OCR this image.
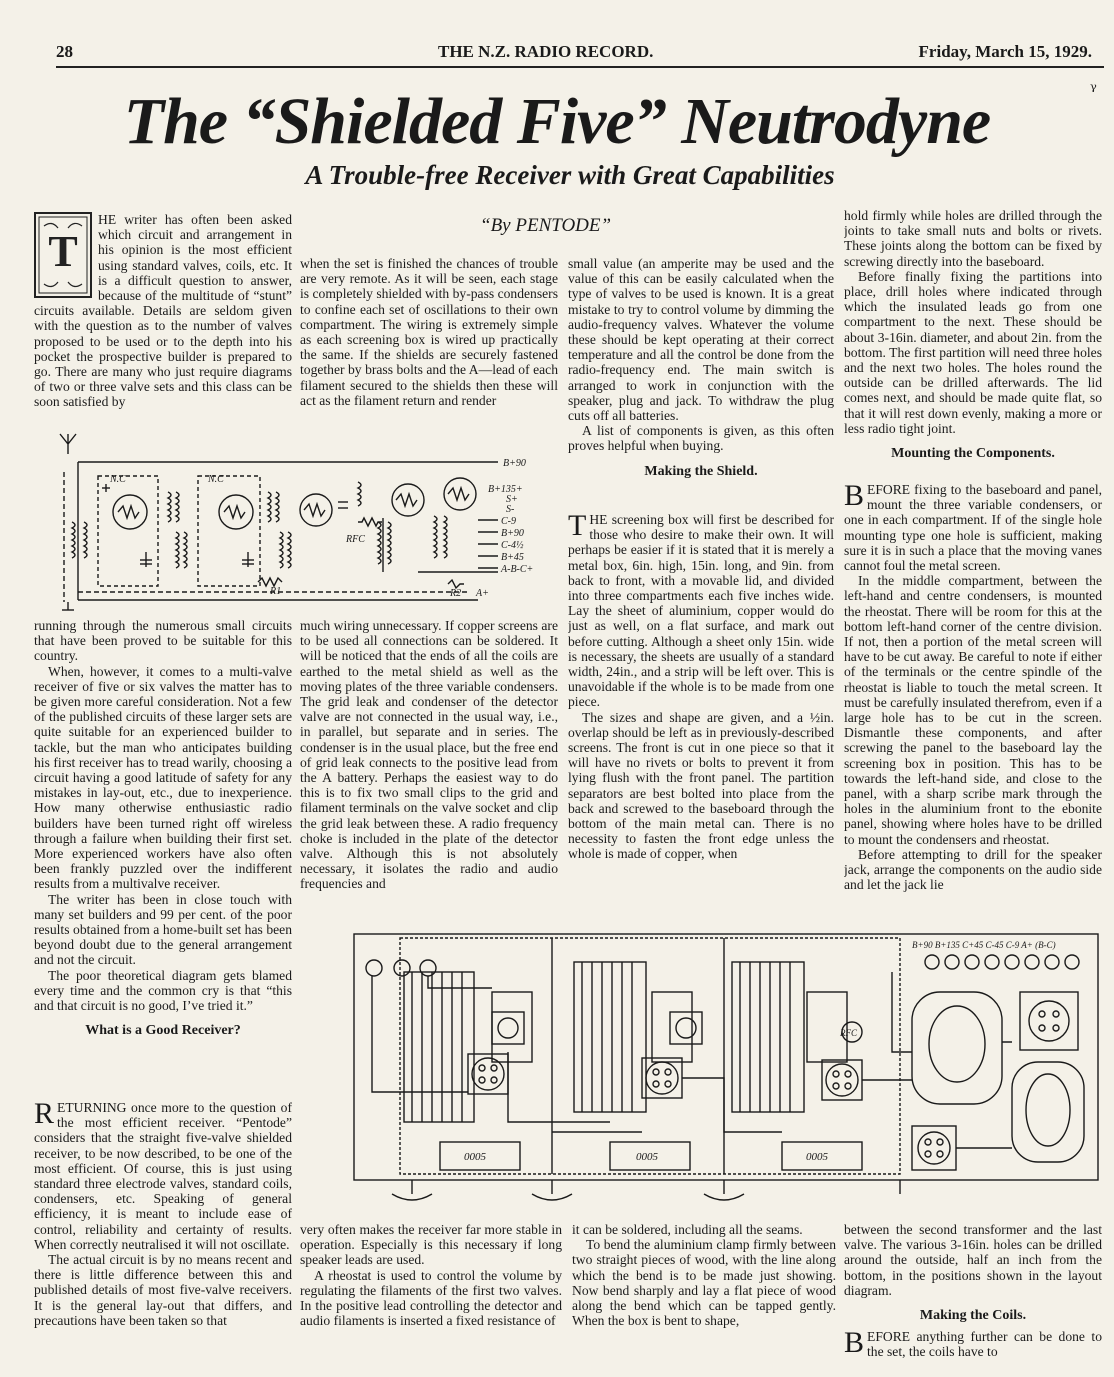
28	THE N.Z. RADIO RECORD.	Friday, March 15, 1929.
ᵞ
The “Shielded Five” Neutrodyne
A Trouble-free Receiver with Great Capabilities
“By PENTODE”
T

HE writer has often been asked which circuit and arrangement in his opinion is the most efficient using standard valves, coils, etc. It is a difficult question to answer, because of the multitude of “stunt” circuits available. Details are seldom given with the question as to the number of valves proposed to be used or to the depth into his pocket the prospective builder is prepared to go. There are many who just require diagrams of two or three valve sets and this class can be soon satisfied by

when the set is finished the chances of trouble are very remote. As it will be seen, each stage is completely shielded with by-pass condensers to confine each set of oscillations to their own compartment. The wiring is extremely simple as each screening box is wired up practically the same. If the shields are securely fastened together by brass bolts and the A—lead of each filament secured to the shields then these will act as the filament return and render

B+90
B+135+
S+
S-
N.C	N.C
C-9
B+90
C-4½
B+45
A-B-C+
R1	R2 A+
RFC

running through the numerous small circuits that have been proved to be suitable for this country.

When, however, it comes to a multi-valve receiver of five or six valves the matter has to be given more careful consideration. Not a few of the published circuits of these larger sets are quite suitable for an experienced builder to tackle, but the man who anticipates building his first receiver has to tread warily, choosing a circuit having a good latitude of safety for any mistakes in lay-out, etc., due to inexperience. How many otherwise enthusiastic radio builders have been turned right off wireless through a failure when building their first set. More experienced workers have also often been frankly puzzled over the indifferent results from a multivalve receiver.

The writer has been in close touch with many set builders and 99 per cent. of the poor results obtained from a home-built set has been beyond doubt due to the general arrangement and not the circuit.

The poor theoretical diagram gets blamed every time and the common cry is that “this and that circuit is no good, I’ve tried it.”

What is a Good Receiver?

RETURNING once more to the question of the most efficient receiver. “Pentode” considers that the straight five-valve shielded receiver, to be now described, to be one of the most efficient. Of course, this is just using standard three electrode valves, standard coils, condensers, etc. Speaking of general efficiency, it is meant to include ease of control, reliability and certainty of results. When correctly neutralised it will not oscillate.

The actual circuit is by no means recent and there is little difference between this and published details of most five-valve receivers. It is the general lay-out that differs, and precautions have been taken so that

much wiring unnecessary. If copper screens are to be used all connections can be soldered. It will be noticed that the ends of all the coils are earthed to the metal shield as well as the moving plates of the three variable condensers. The grid leak and condenser of the detector valve are not connected in the usual way, i.e., in parallel, but separate and in series. The condenser is in the usual place, but the free end of grid leak connects to the positive lead from the A battery. Perhaps the easiest way to do this is to fix two small clips to the grid and filament terminals on the valve socket and clip the grid leak between these. A radio frequency choke is included in the plate of the detector valve. Although this is not absolutely necessary, it isolates the radio and audio frequencies and

small value (an amperite may be used and the value of this can be easily calculated when the type of valves to be used is known. It is a great mistake to try to control volume by dimming the audio-frequency valves. Whatever the volume these should be kept operating at their correct temperature and all the control be done from the radio-frequency end. The main switch is arranged to work in conjunction with the speaker, plug and jack. To withdraw the plug cuts off all batteries.

A list of components is given, as this often proves helpful when buying.

Making the Shield.

THE screening box will first be described for those who desire to make their own. It will perhaps be easier if it is stated that it is merely a metal box, 6in. high, 15in. long, and 9in. from back to front, with a movable lid, and divided into three compartments each five inches wide. Lay the sheet of aluminium, copper would do just as well, on a flat surface, and mark out before cutting. Although a sheet only 15in. wide is necessary, the sheets are usually of a standard width, 24in., and a strip will be left over. This is unavoidable if the whole is to be made from one piece.

The sizes and shape are given, and a ½in. overlap should be left as in previously-described screens. The front is cut in one piece so that it will have no rivets or bolts to prevent it from lying flush with the front panel. The partition separators are best bolted into place from the back and screwed to the baseboard through the bottom of the main metal can. There is no necessity to fasten the front edge unless the whole is made of copper, when

hold firmly while holes are drilled through the joints to take small nuts and bolts or rivets. These joints along the bottom can be fixed by screwing directly into the baseboard.

Before finally fixing the partitions into place, drill holes where indicated through which the insulated leads go from one compartment to the next. These should be about 3-16in. diameter, and about 2in. from the bottom. The first partition will need three holes and the next two holes. The holes round the outside can be drilled afterwards. The lid comes next, and should be made quite flat, so that it will rest down evenly, making a more or less radio tight joint.

Mounting the Components.

BEFORE fixing to the baseboard and panel, mount the three variable condensers, or one in each compartment. If of the single hole mounting type one hole is sufficient, making sure it is in such a place that the moving vanes cannot foul the metal screen.

In the middle compartment, between the left-hand and centre condensers, is mounted the rheostat. There will be room for this at the bottom left-hand corner of the centre division. If not, then a portion of the metal screen will have to be cut away. Be careful to note if either of the terminals or the centre spindle of the rheostat is liable to touch the metal screen. It must be carefully insulated therefrom, even if a large hole has to be cut in the screen. Dismantle these components, and after screwing the panel to the baseboard lay the screening box in position. This has to be towards the left-hand side, and close to the panel, with a sharp scribe mark through the holes in the aluminium front to the ebonite panel, showing where holes have to be drilled to mount the condensers and rheostat.

Before attempting to drill for the speaker jack, arrange the components on the audio side and let the jack lie

B+90 B+135 C+45 C-45 C-9 A+ (B-C)
0005	0005	0005
RFC

very often makes the receiver far more stable in operation. Especially is this necessary if long speaker leads are used.

A rheostat is used to control the volume by regulating the filaments of the first two valves. In the positive lead controlling the detector and audio filaments is inserted a fixed resistance of

it can be soldered, including all the seams.

To bend the aluminium clamp firmly between two straight pieces of wood, with the line along which the bend is to be made just showing. Now bend sharply and lay a flat piece of wood along the bend which can be tapped gently. When the box is bent to shape,

between the second transformer and the last valve. The various 3-16in. holes can be drilled around the outside, half an inch from the bottom, in the positions shown in the layout diagram.

Making the Coils.

BEFORE anything further can be done to the set, the coils have to
